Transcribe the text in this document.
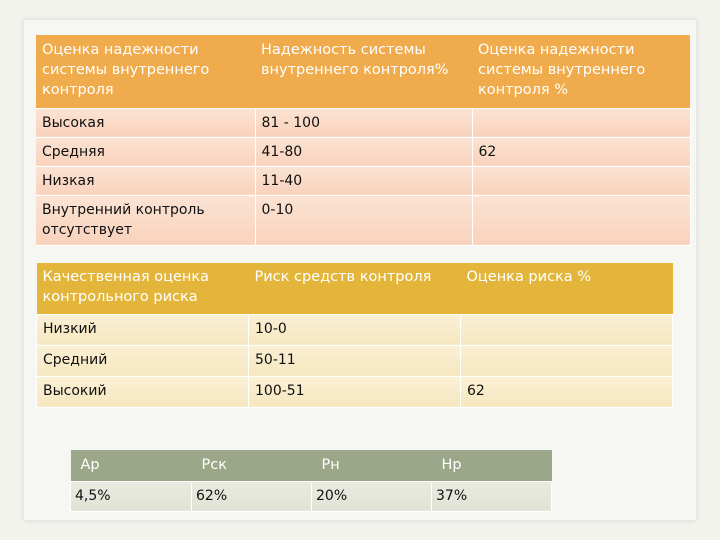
Оценка надежности системы внутреннего контроля	Надежность системы внутреннего контроля%	Оценка надежности системы внутреннего контроля %
Высокая	81 - 100	
Средняя	41-80	62
Низкая	11-40	
Внутренний контроль отсутствует	0-10	
Качественная оценка контрольного риска	Риск средств контроля	Оценка риска %
Низкий	10-0	
Средний	50-11	
Высокий	100-51	62
Ар	Рск	Рн	Нр
4,5%	62%	20%	37%
